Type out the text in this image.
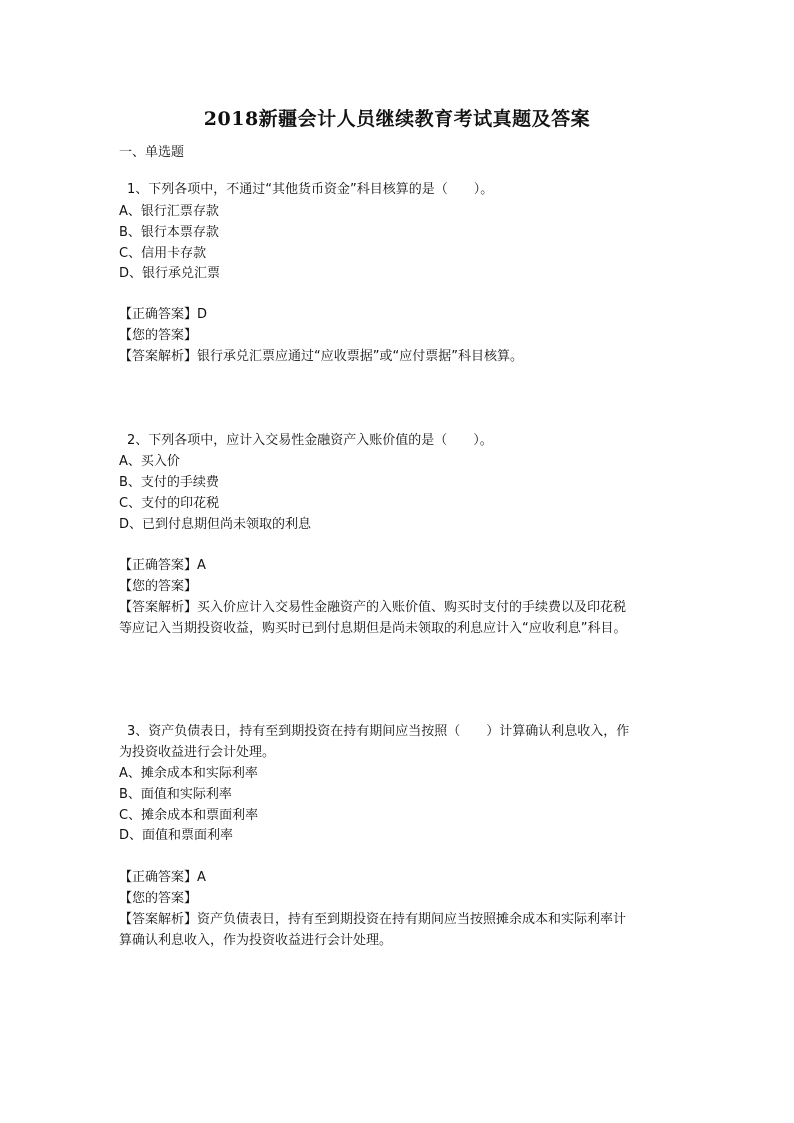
2018新疆会计人员继续教育考试真题及答案
一、单选题
1、下列各项中，不通过“其他货币资金”科目核算的是（　　）。
A、银行汇票存款
B、银行本票存款
C、信用卡存款
D、银行承兑汇票
【正确答案】D
【您的答案】
【答案解析】银行承兑汇票应通过“应收票据”或“应付票据”科目核算。
2、下列各项中，应计入交易性金融资产入账价值的是（　　）。
A、买入价
B、支付的手续费
C、支付的印花税
D、已到付息期但尚未领取的利息
【正确答案】A
【您的答案】
【答案解析】买入价应计入交易性金融资产的入账价值、购买时支付的手续费以及印花税
等应记入当期投资收益，购买时已到付息期但是尚未领取的利息应计入“应收利息”科目。
3、资产负债表日，持有至到期投资在持有期间应当按照（　　）计算确认利息收入，作
为投资收益进行会计处理。
A、摊余成本和实际利率
B、面值和实际利率
C、摊余成本和票面利率
D、面值和票面利率
【正确答案】A
【您的答案】
【答案解析】资产负债表日，持有至到期投资在持有期间应当按照摊余成本和实际利率计
算确认利息收入，作为投资收益进行会计处理。
